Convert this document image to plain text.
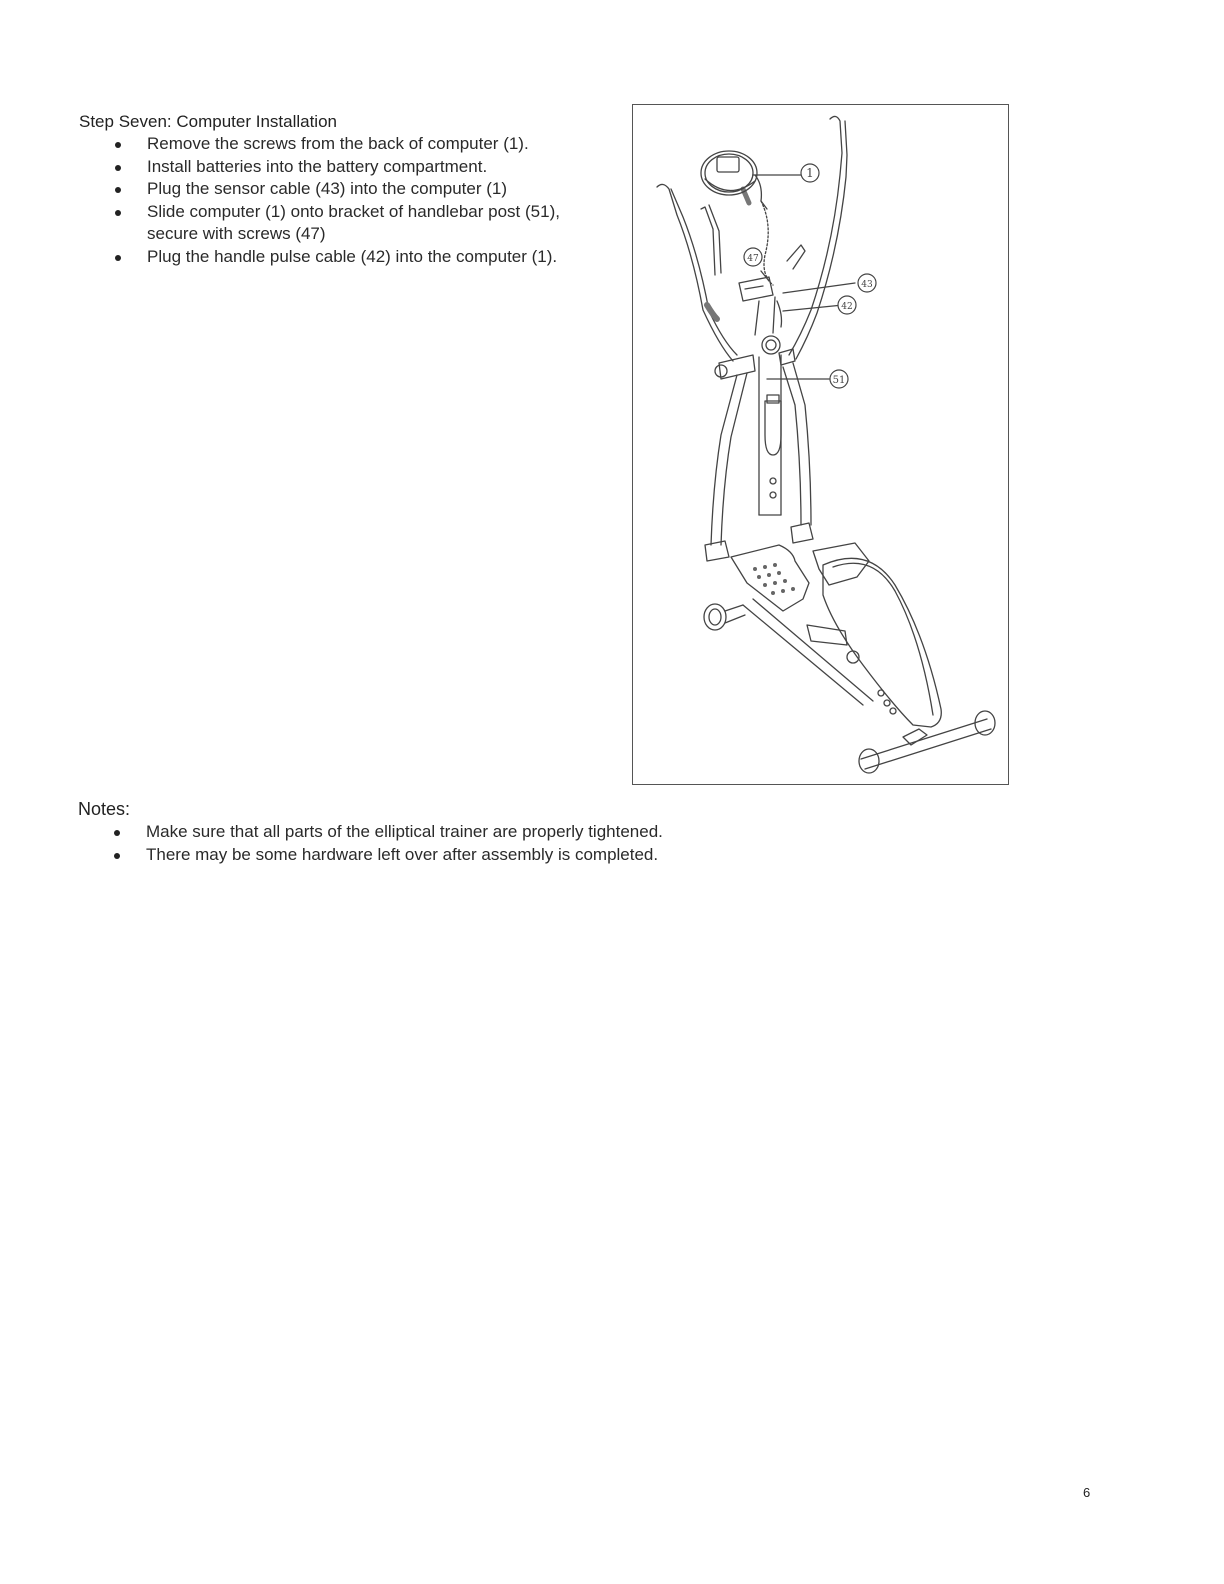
Step Seven: Computer Installation

Remove the screws from the back of computer (1).
Install batteries into the battery compartment.
Plug the sensor cable (43) into the computer (1)
Slide computer (1) onto bracket of handlebar post (51), secure with screws (47)
Plug the handle pulse cable (42) into the computer (1).
1
47
43
42
51

Notes:

Make sure that all parts of the elliptical trainer are properly tightened.
There may be some hardware left over after assembly is completed.
6
